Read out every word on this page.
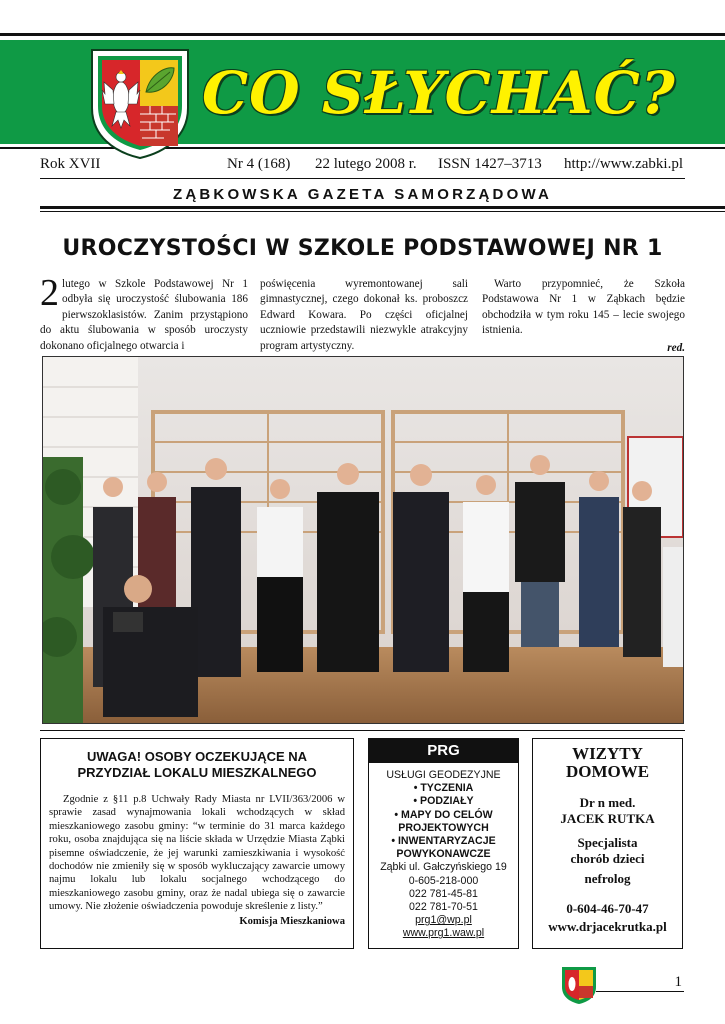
CO SŁYCHAĆ?
Rok XVII	Nr 4 (168) 22 lutego 2008 r. ISSN 1427–3713 http://www.zabki.pl
ZĄBKOWSKA GAZETA SAMORZĄDOWA
UROCZYSTOŚCI W SZKOLE PODSTAWOWEJ NR 1
2 lutego w Szkole Podstawowej Nr 1 odbyła się uroczystość ślubowania 186 pierwszoklasistów. Zanim przystąpiono do aktu ślubowania w sposób uroczysty dokonano oficjalnego otwarcia i
poświęcenia wyremontowanej sali gimnastycznej, czego dokonał ks. proboszcz Edward Kowara. Po części oficjalnej uczniowie przedstawili niezwykle atrakcyjny program artystyczny.
Warto przypomnieć, że Szkoła Podstawowa Nr 1 w Ząbkach będzie obchodziła w tym roku 145 – lecie swojego istnienia.
red.
UWAGA! OSOBY OCZEKUJĄCE NA
PRZYDZIAŁ LOKALU MIESZKALNEGO
Zgodnie z §11 p.8 Uchwały Rady Miasta nr LVII/363/2006 w sprawie zasad wynajmowania lokali wchodzących w skład mieszkaniowego zasobu gminy: “w terminie do 31 marca każdego roku, osoba znajdująca się na liście składa w Urzędzie Miasta Ząbki pisemne oświadczenie, że jej warunki zamieszkiwania i wysokość dochodów nie zmieniły się w sposób wykluczający zawarcie umowy najmu lokalu lub lokalu socjalnego wchodzącego do mieszkaniowego zasobu gminy, oraz że nadal ubiega się o zawarcie umowy. Nie złożenie oświadczenia powoduje skreślenie z listy.”
Komisja Mieszkaniowa
PRG
USŁUGI GEODEZYJNE
• TYCZENIA
• PODZIAŁY
• MAPY DO CELÓW
PROJEKTOWYCH
• INWENTARYZACJE
POWYKONAWCZE
Ząbki ul. Gałczyńskiego 19
0-605-218-000
022 781-45-81
022 781-70-51
prg1@wp.pl
www.prg1.waw.pl
WIZYTY
DOMOWE
Dr n med.
JACEK RUTKA
Specjalista
chorób dzieci
nefrolog
0-604-46-70-47
www.drjacekrutka.pl
1
